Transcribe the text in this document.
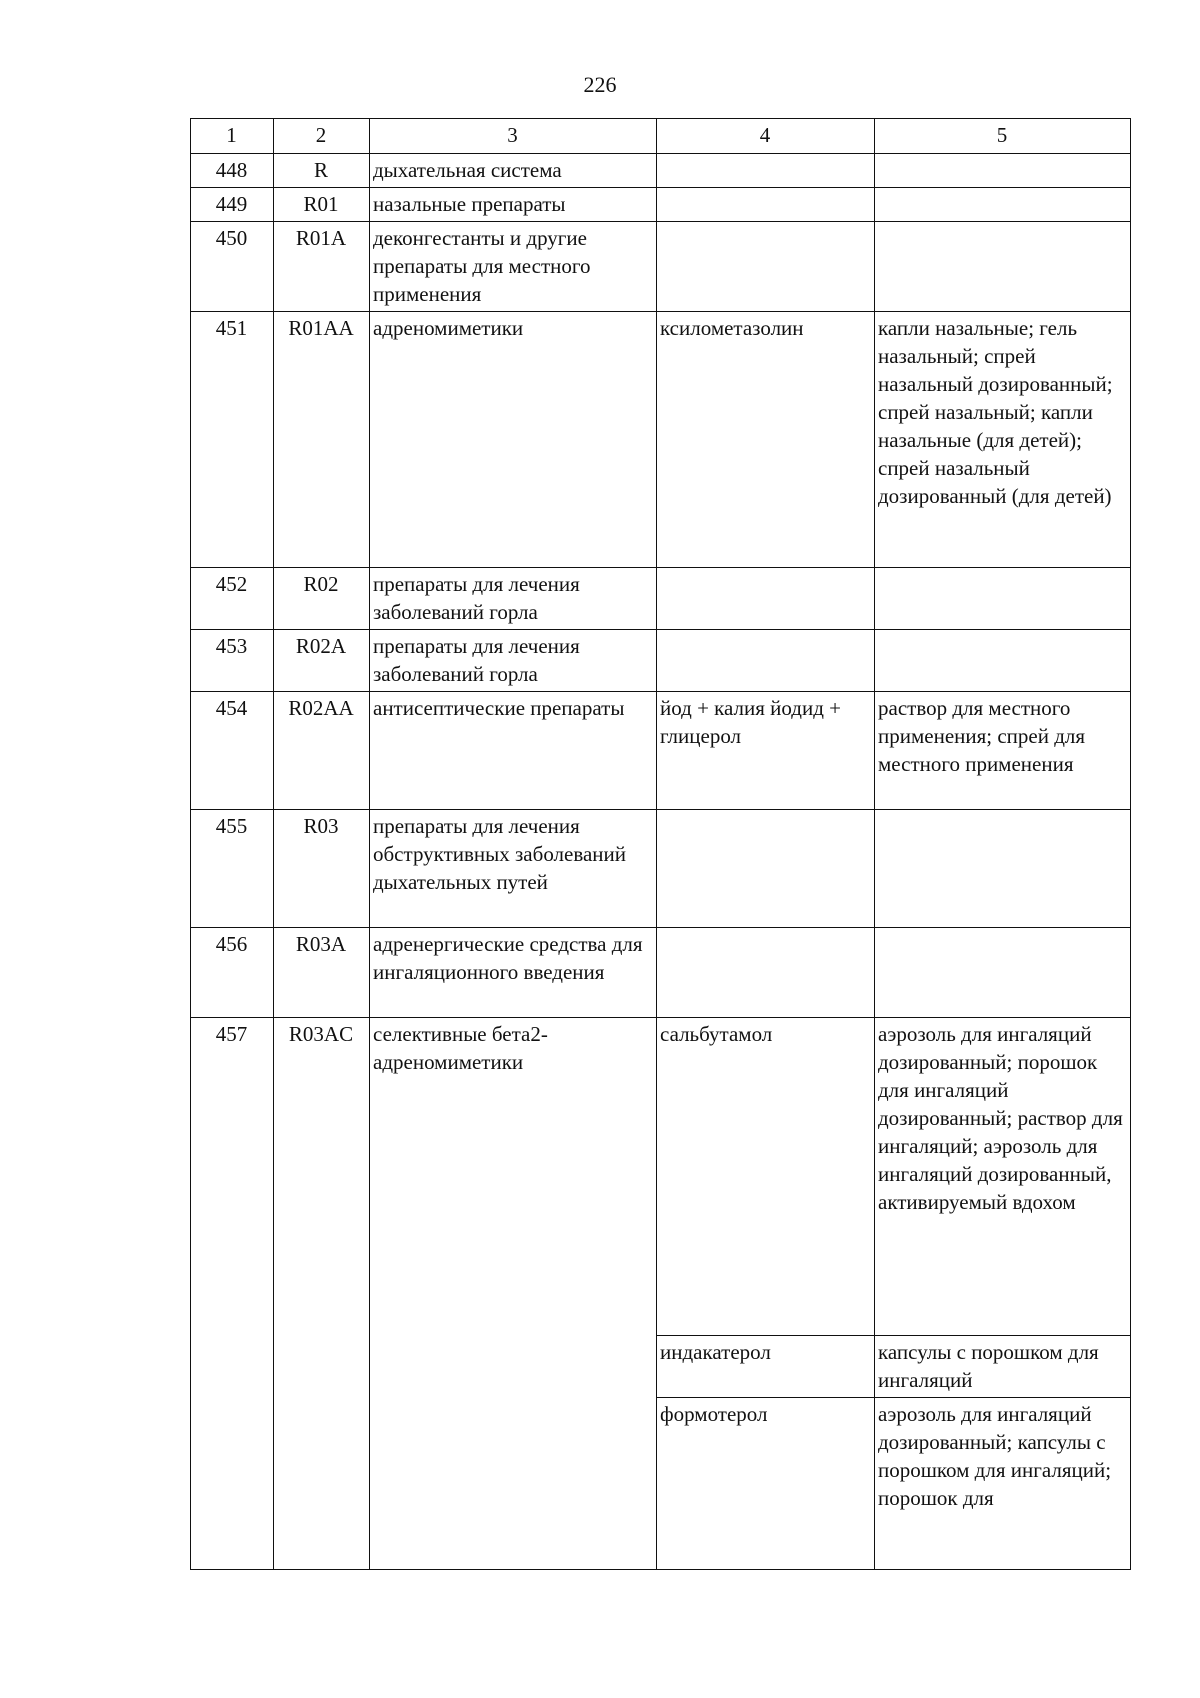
226
1	2	3	4	5
448	R	дыхательная система		
449	R01	назальные препараты		
450	R01A	деконгестанты и другие препараты для местного применения		
451	R01AA	адреномиметики	ксилометазолин	капли назальные; гель назальный; спрей назальный дозированный; спрей назальный; капли назальные (для детей); спрей назальный дозированный (для детей)
452	R02	препараты для лечения заболеваний горла		
453	R02A	препараты для лечения заболеваний горла		
454	R02AA	антисептические препараты	йод + калия йодид + глицерол	раствор для местного применения; спрей для местного применения
455	R03	препараты для лечения обструктивных заболеваний дыхательных путей		
456	R03A	адренергические средства для ингаляционного введения		
457	R03AC	селективные бета2-адреномиметики	сальбутамол	аэрозоль для ингаляций дозированный; порошок для ингаляций дозированный; раствор для ингаляций; аэрозоль для ингаляций дозированный, активируемый вдохом
			индакатерол	капсулы с порошком для ингаляций
			формотерол	аэрозоль для ингаляций дозированный; капсулы с порошком для ингаляций; порошок для
